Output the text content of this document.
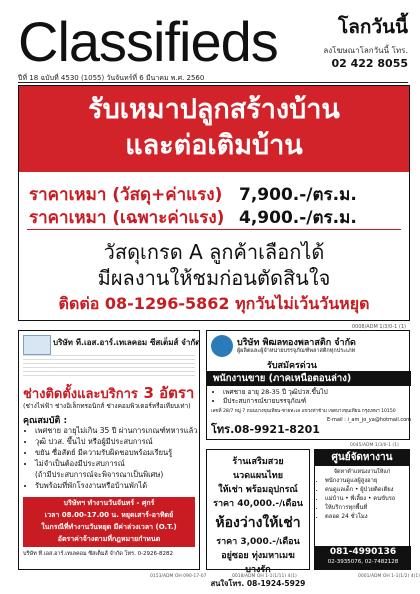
Classifieds	โลกวันนี้
ลงโฆษณาโลกวันนี้ โทร.
02 422 8055
ปีที่ 18 ฉบับที่ 4530 (1055) วันจันทร์ที่ 6 มีนาคม พ.ศ. 2560
รับเหมาปลูกสร้างบ้าน
และต่อเติมบ้าน
ราคาเหมา (วัสดุ+ค่าแรง) 7,900.-/ตร.ม.
ราคาเหมา (เฉพาะค่าแรง) 4,900.-/ตร.ม.
วัสดุเกรด A ลูกค้าเลือกได้
มีผลงานให้ชมก่อนตัดสินใจ
ติดต่อ 08-1296-5862 ทุกวันไม่เว้นวันหยุด
0008/ADM 1/3/0-1 (1)
บริษัท ที.เอส.อาร์.เทเลคอม ซีสเต็มส์ จำกัด
ช่างติดตั้งและบริการ 3 อัตรา
(ช่างไฟฟ้า ช่างอิเล็กทรอนิกส์ ช่างคอมพิวเตอร์หรือเทียบเท่า)
คุณสมบัติ :
• เพศชาย อายุไม่เกิน 35 ปี ผ่านการเกณฑ์ทหารแล้ว
• วุฒิ ปวส. ขึ้นไป หรือผู้มีประสบการณ์
• ขยัน ซื่อสัตย์ มีความรับผิดชอบพร้อมเรียนรู้
• ไม่จำเป็นต้องมีประสบการณ์
(ถ้ามีประสบการณ์จะพิจารณาเป็นพิเศษ)
• รับพร้อมที่พักโรงงานหรือบ้านพักได้
บริษัทฯ ทำงานวันจันทร์ - ศุกร์
เวลา 08.00-17.00 น. หยุดเสาร์-อาทิตย์
ในกรณีที่ทำงานวันหยุด มีค่าล่วงเวลา (O.T.)
อัตราค่าจ้างตามที่กฎหมายกำหนด
บริษัท ที.เอส.อาร์.เทเลคอม ซีสเต็มส์ จำกัด โทร. 0-2926-8282
0153/ADM OH 090-17-07
บริษัท พิฒลทองพลาสติก จำกัด
ผู้ผลิตและผู้จำหน่ายบรรจุภัณฑ์พลาสติกทุกประเภท
รับสมัครด่วน
พนักงานขาย (ภาคเหนือตอนล่าง)
• เพศชาย อายุ 28-35 ปี วุฒิปวส.ขึ้นไป
• มีประสบการณ์ขายบรรจุภัณฑ์
เลขที่ 28/7 หมู่ 7 ถนนบางขุนเทียน-ชายทะเล แขวงท่าข้าม เขตบางขุนเทียน กรุงเทพฯ 10150
โทร.08-9921-8201
E-mail : i_am_jo_ya@hotmail.com
0045/ADM 1/3/0-1 (1)
ร้านเสริมสวย
นวดแผนไทย
ให้เช่า พร้อมอุปกรณ์
ราคา 40,000.-/เดือน
ห้องว่างให้เช่า
ราคา 3,000.-/เดือน
อยู่ซอย ทุ่งมหาเมฆ
บางรัก
สนใจโทร. 08-1924-5929
0018/ADM OH 1-1(1/11) 4(1)
ศูนย์จัดหางาน
จัดหาตำแหน่งงานให้แก่
• พนักงานดูแลผู้สูงอายุ
• คนดูแลเด็ก • ผู้ป่วยติดเตียง
• แม่บ้าน • พี่เลี้ยง • คนขับรถ
• ให้บริการทุกพื้นที่
• ตลอด 24 ชั่วโมง
081-4990136
02-3935076, 02-7482128
0001/ADM OH 1-1(1/2) 4(1)
